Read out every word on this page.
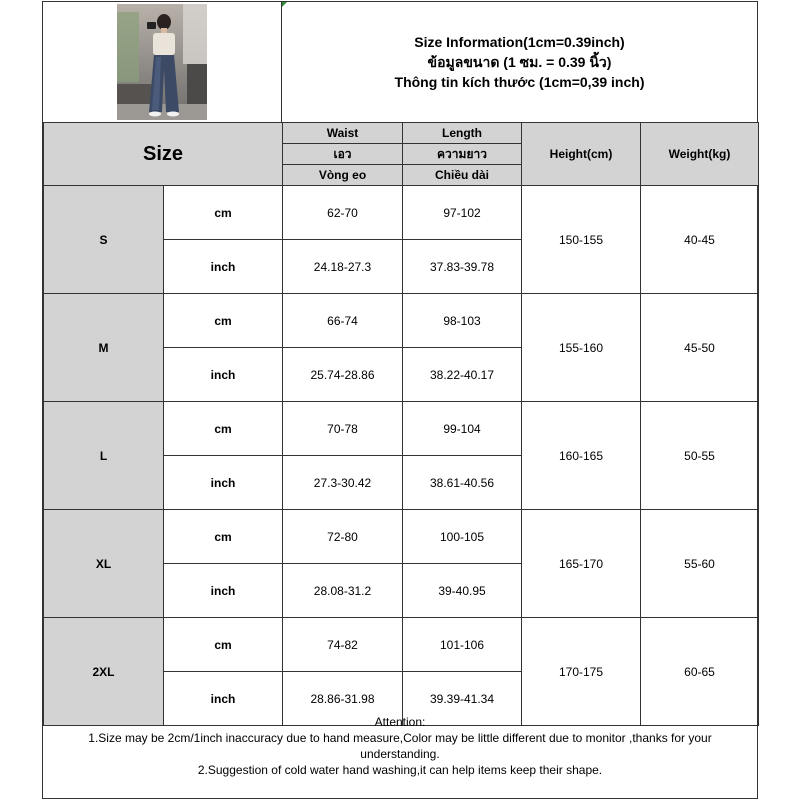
Size Information(1cm=0.39inch)
ข้อมูลขนาด (1 ซม. = 0.39 นิ้ว)
Thông tin kích thước (1cm=0,39 inch)
Size		Waist	Length	Height(cm)	Weight(kg)
		เอว	ความยาว		
		Vòng eo	Chiều dài		
S	cm	62-70	97-102	150-155	40-45
	inch	24.18-27.3	37.83-39.78		
M	cm	66-74	98-103	155-160	45-50
	inch	25.74-28.86	38.22-40.17		
L	cm	70-78	99-104	160-165	50-55
	inch	27.3-30.42	38.61-40.56		
XL	cm	72-80	100-105	165-170	55-60
	inch	28.08-31.2	39-40.95		
2XL	cm	74-82	101-106	170-175	60-65
	inch	28.86-31.98	39.39-41.34		
Attention:
1.Size may be 2cm/1inch inaccuracy due to hand measure,Color may be little different due to monitor ,thanks for your understanding.
2.Suggestion of cold water hand washing,it can help items keep their shape.
